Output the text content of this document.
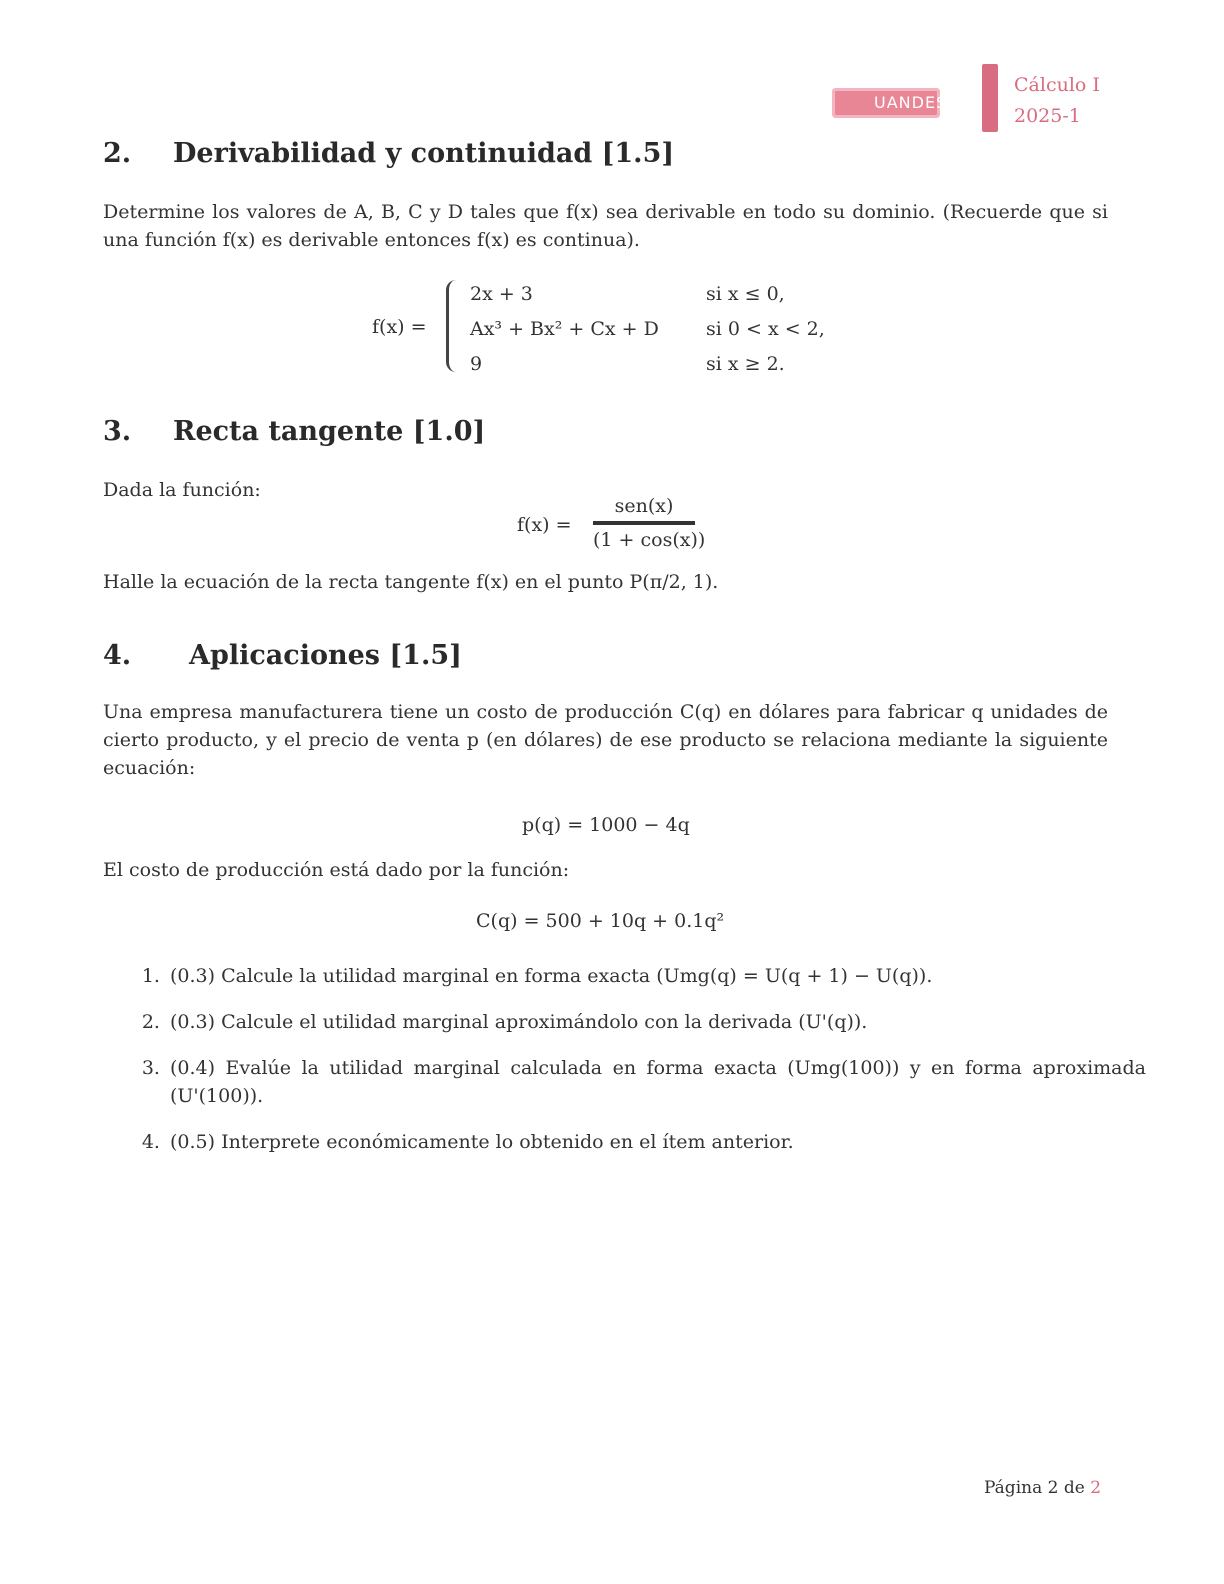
UANDES
Cálculo I
2025-1
2. Derivabilidad y continuidad [1.5]

Determine los valores de A, B, C y D tales que f(x) sea derivable en todo su dominio. (Recuerde que si una función f(x) es derivable entonces f(x) es continua).

f(x) =
2x + 3
Ax³ + Bx² + Cx + D
9
si x ≤ 0,
si 0 < x < 2,
si x ≥ 2.
3. Recta tangente [1.0]

Dada la función:

f(x) =
sen(x)
(1 + cos(x))

Halle la ecuación de la recta tangente f(x) en el punto P(π/2, 1).

4. Aplicaciones [1.5]

Una empresa manufacturera tiene un costo de producción C(q) en dólares para fabricar q unidades de cierto producto, y el precio de venta p (en dólares) de ese producto se relaciona mediante la siguiente ecuación:

p(q) = 1000 − 4q

El costo de producción está dado por la función:

C(q) = 500 + 10q + 0.1q²
1. (0.3) Calcule la utilidad marginal en forma exacta (Umg(q) = U(q + 1) − U(q)).
2. (0.3) Calcule el utilidad marginal aproximándolo con la derivada (U'(q)).
3. (0.4) Evalúe la utilidad marginal calculada en forma exacta (Umg(100)) y en forma aproximada (U'(100)).
4. (0.5) Interprete económicamente lo obtenido en el ítem anterior.
Página 2 de 2
